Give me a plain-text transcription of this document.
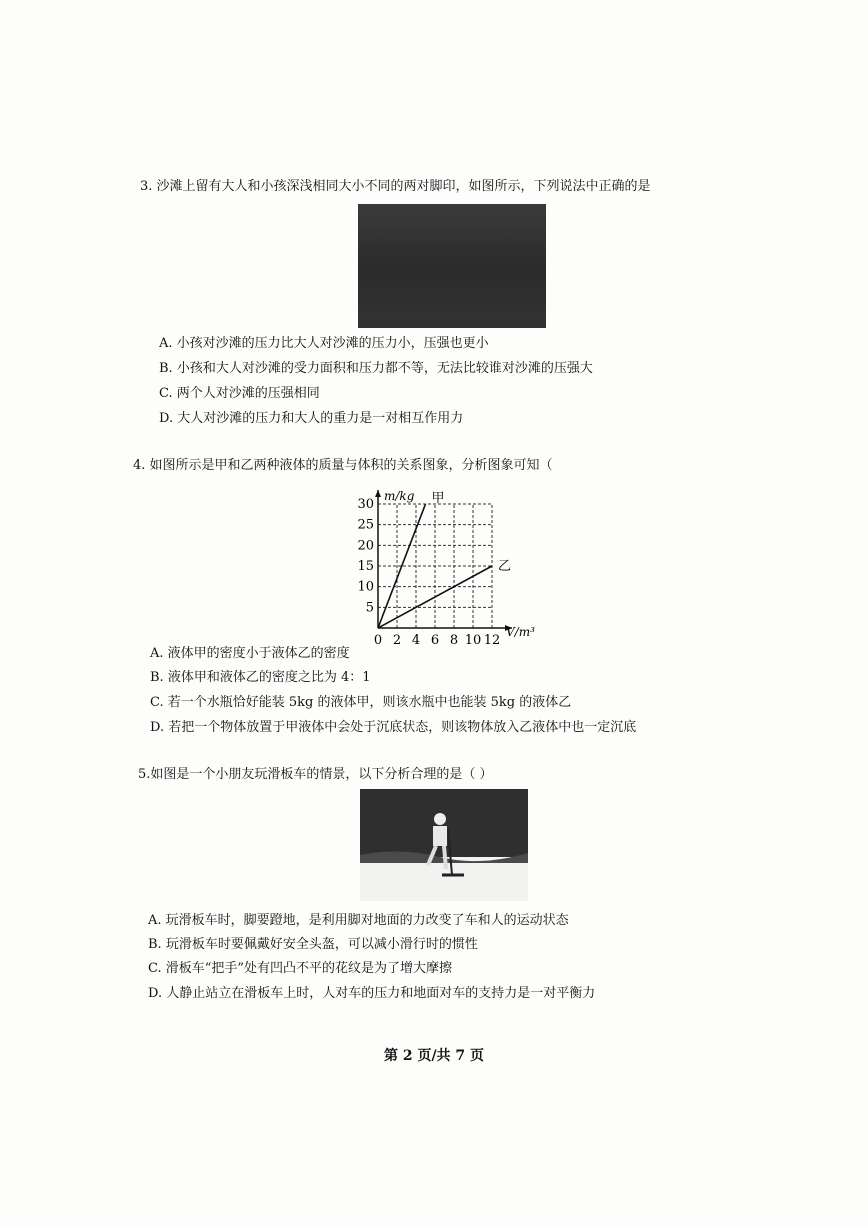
3. 沙滩上留有大人和小孩深浅相同大小不同的两对脚印，如图所示，下列说法中正确的是
A. 小孩对沙滩的压力比大人对沙滩的压力小，压强也更小
B. 小孩和大人对沙滩的受力面积和压力都不等，无法比较谁对沙滩的压强大
C. 两个人对沙滩的压强相同
D. 大人对沙滩的压力和大人的重力是一对相互作用力
4. 如图所示是甲和乙两种液体的质量与体积的关系图象，分析图象可知（
0 2 4 6 8 10 12
5
10
15
20
25
30
m/kg
V/m³
甲
乙
A. 液体甲的密度小于液体乙的密度
B. 液体甲和液体乙的密度之比为 4：1
C. 若一个水瓶恰好能装 5kg 的液体甲，则该水瓶中也能装 5kg 的液体乙
D. 若把一个物体放置于甲液体中会处于沉底状态，则该物体放入乙液体中也一定沉底
5.如图是一个小朋友玩滑板车的情景，以下分析合理的是（ ）
A. 玩滑板车时，脚要蹬地，是利用脚对地面的力改变了车和人的运动状态
B. 玩滑板车时要佩戴好安全头盔，可以减小滑行时的惯性
C. 滑板车“把手”处有凹凸不平的花纹是为了增大摩擦
D. 人静止站立在滑板车上时，人对车的压力和地面对车的支持力是一对平衡力
第 2 页/共 7 页
